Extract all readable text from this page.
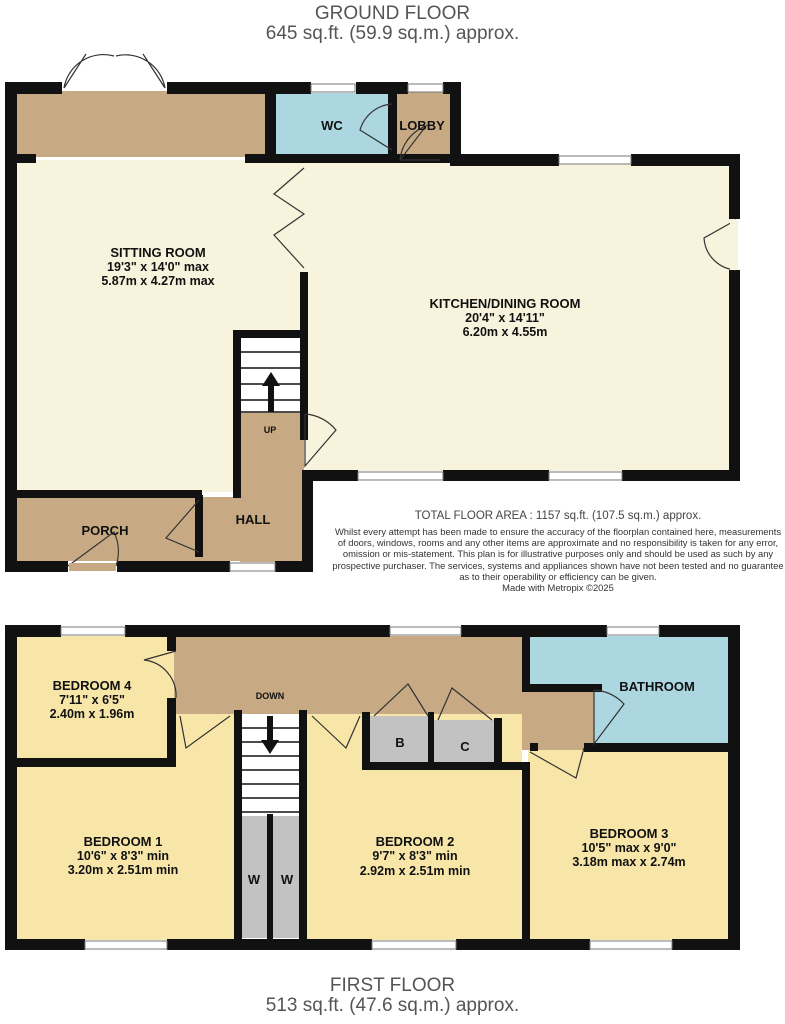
GROUND FLOOR
645 sq.ft. (59.9 sq.m.) approx.
FIRST FLOOR
513 sq.ft. (47.6 sq.m.) approx.
WC	LOBBY
SITTING ROOM
19'3" x 14'0" max
5.87m x 4.27m max
KITCHEN/DINING ROOM
20'4" x 14'11"
6.20m x 4.55m
UP
HALL
PORCH
BEDROOM 4
7'11" x 6'5"
2.40m x 1.96m
DOWN
BATHROOM
B	C
BEDROOM 1
10'6" x 8'3" min
3.20m x 2.51m min
W W
BEDROOM 2
9'7" x 8'3" min
2.92m x 2.51m min
BEDROOM 3
10'5" max x 9'0"
3.18m max x 2.74m
TOTAL FLOOR AREA : 1157 sq.ft. (107.5 sq.m.) approx.
Whilst every attempt has been made to ensure the accuracy of the floorplan contained here, measurements
of doors, windows, rooms and any other items are approximate and no responsibility is taken for any error,
omission or mis-statement. This plan is for illustrative purposes only and should be used as such by any
prospective purchaser. The services, systems and appliances shown have not been tested and no guarantee
as to their operability or efficiency can be given.
Made with Metropix ©2025
